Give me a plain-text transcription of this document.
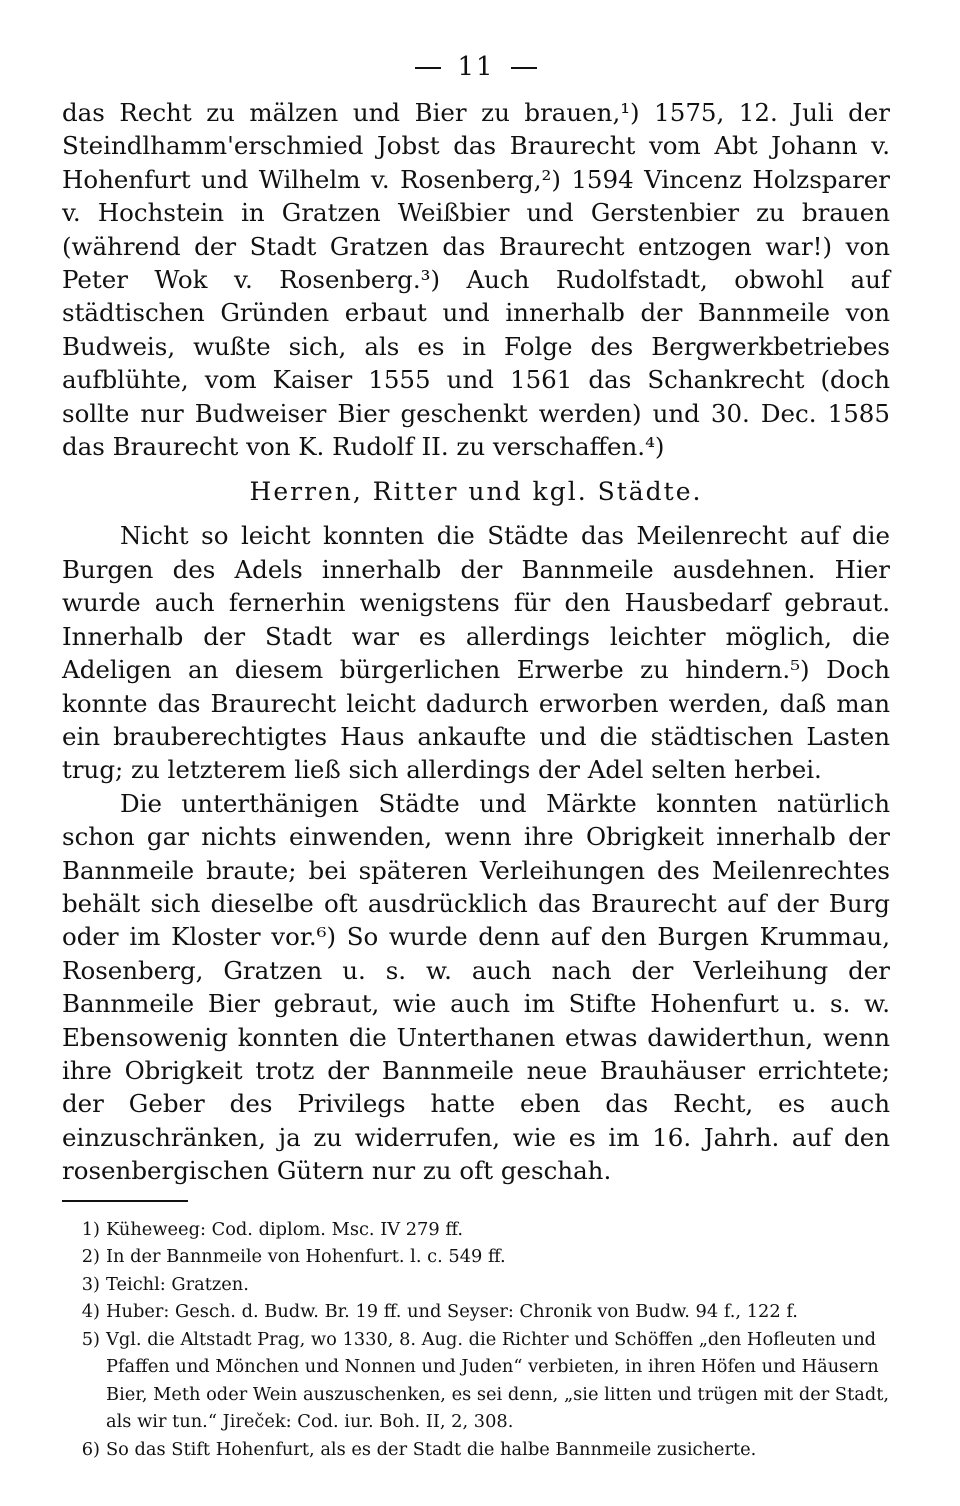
11

das Recht zu mälzen und Bier zu brauen,¹) 1575, 12. Juli der Steindlhamm'erschmied Jobst das Braurecht vom Abt Johann v. Hohenfurt und Wilhelm v. Rosenberg,²) 1594 Vincenz Holzsparer v. Hochstein in Gratzen Weißbier und Gerstenbier zu brauen (während der Stadt Gratzen das Braurecht entzogen war!) von Peter Wok v. Rosenberg.³) Auch Rudolfstadt, obwohl auf städtischen Gründen erbaut und innerhalb der Bannmeile von Budweis, wußte sich, als es in Folge des Bergwerkbetriebes aufblühte, vom Kaiser 1555 und 1561 das Schankrecht (doch sollte nur Budweiser Bier geschenkt werden) und 30. Dec. 1585 das Braurecht von K. Rudolf II. zu verschaffen.⁴)

Herren, Ritter und kgl. Städte.

Nicht so leicht konnten die Städte das Meilenrecht auf die Burgen des Adels innerhalb der Bannmeile ausdehnen. Hier wurde auch fernerhin wenigstens für den Hausbedarf gebraut. Innerhalb der Stadt war es allerdings leichter möglich, die Adeligen an diesem bürgerlichen Erwerbe zu hindern.⁵) Doch konnte das Braurecht leicht dadurch erworben werden, daß man ein brauberechtigtes Haus ankaufte und die städtischen Lasten trug; zu letzterem ließ sich allerdings der Adel selten herbei.

Die unterthänigen Städte und Märkte konnten natürlich schon gar nichts einwenden, wenn ihre Obrigkeit innerhalb der Bannmeile braute; bei späteren Verleihungen des Meilenrechtes behält sich dieselbe oft ausdrücklich das Braurecht auf der Burg oder im Kloster vor.⁶) So wurde denn auf den Burgen Krummau, Rosenberg, Gratzen u. s. w. auch nach der Verleihung der Bannmeile Bier gebraut, wie auch im Stifte Hohenfurt u. s. w. Ebensowenig konnten die Unterthanen etwas dawiderthun, wenn ihre Obrigkeit trotz der Bannmeile neue Brauhäuser errichtete; der Geber des Privilegs hatte eben das Recht, es auch einzuschränken, ja zu widerrufen, wie es im 16. Jahrh. auf den rosenbergischen Gütern nur zu oft geschah.

1) Küheweeg: Cod. diplom. Msc. IV 279 ff.
2) In der Bannmeile von Hohenfurt. l. c. 549 ff.
3) Teichl: Gratzen.
4) Huber: Gesch. d. Budw. Br. 19 ff. und Seyser: Chronik von Budw. 94 f., 122 f.
5) Vgl. die Altstadt Prag, wo 1330, 8. Aug. die Richter und Schöffen „den Hofleuten und Pfaffen und Mönchen und Nonnen und Juden“ verbieten, in ihren Höfen und Häusern Bier, Meth oder Wein auszuschenken, es sei denn, „sie litten und trügen mit der Stadt, als wir tun.“ Jireček: Cod. iur. Boh. II, 2, 308.
6) So das Stift Hohenfurt, als es der Stadt die halbe Bannmeile zusicherte.
